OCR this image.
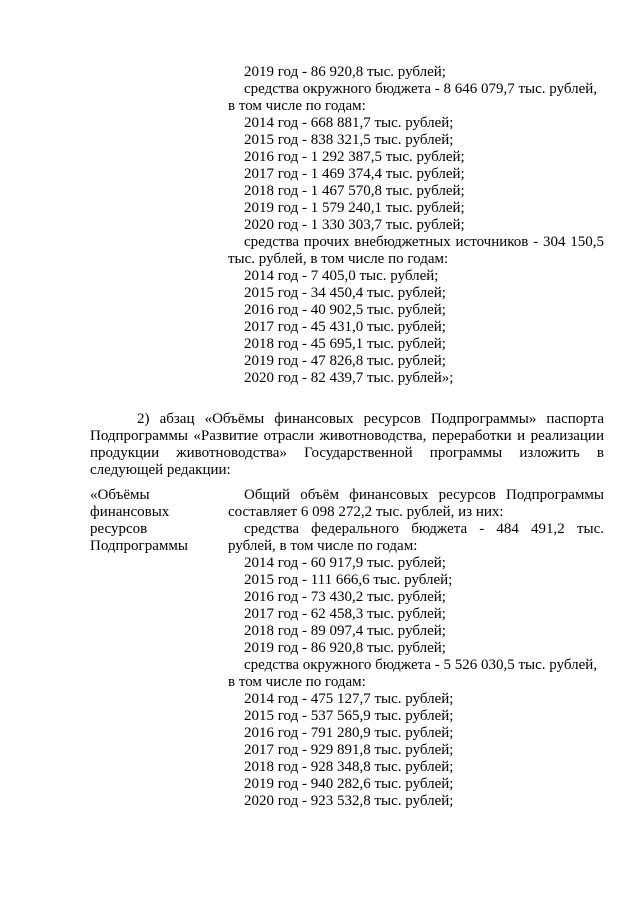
2019 год - 86 920,8 тыс. рублей;
средства окружного бюджета - 8 646 079,7 тыс. рублей,
в том числе по годам:
2014 год - 668 881,7 тыс. рублей;
2015 год - 838 321,5 тыс. рублей;
2016 год - 1 292 387,5 тыс. рублей;
2017 год - 1 469 374,4 тыс. рублей;
2018 год - 1 467 570,8 тыс. рублей;
2019 год - 1 579 240,1 тыс. рублей;
2020 год - 1 330 303,7 тыс. рублей;
средства прочих внебюджетных источников - 304 150,5
тыс. рублей, в том числе по годам:
2014 год - 7 405,0 тыс. рублей;
2015 год - 34 450,4 тыс. рублей;
2016 год - 40 902,5 тыс. рублей;
2017 год - 45 431,0 тыс. рублей;
2018 год - 45 695,1 тыс. рублей;
2019 год - 47 826,8 тыс. рублей;
2020 год - 82 439,7 тыс. рублей»;
2) абзац «Объёмы финансовых ресурсов Подпрограммы» паспорта
Подпрограммы «Развитие отрасли животноводства, переработки и реализации
продукции животноводства» Государственной программы изложить в
следующей редакции:
«Объёмы
финансовых
ресурсов
Подпрограммы
Общий объём финансовых ресурсов Подпрограммы
составляет 6 098 272,2 тыс. рублей, из них:
средства федерального бюджета - 484 491,2 тыс.
рублей, в том числе по годам:
2014 год - 60 917,9 тыс. рублей;
2015 год - 111 666,6 тыс. рублей;
2016 год - 73 430,2 тыс. рублей;
2017 год - 62 458,3 тыс. рублей;
2018 год - 89 097,4 тыс. рублей;
2019 год - 86 920,8 тыс. рублей;
средства окружного бюджета - 5 526 030,5 тыс. рублей,
в том числе по годам:
2014 год - 475 127,7 тыс. рублей;
2015 год - 537 565,9 тыс. рублей;
2016 год - 791 280,9 тыс. рублей;
2017 год - 929 891,8 тыс. рублей;
2018 год - 928 348,8 тыс. рублей;
2019 год - 940 282,6 тыс. рублей;
2020 год - 923 532,8 тыс. рублей;
